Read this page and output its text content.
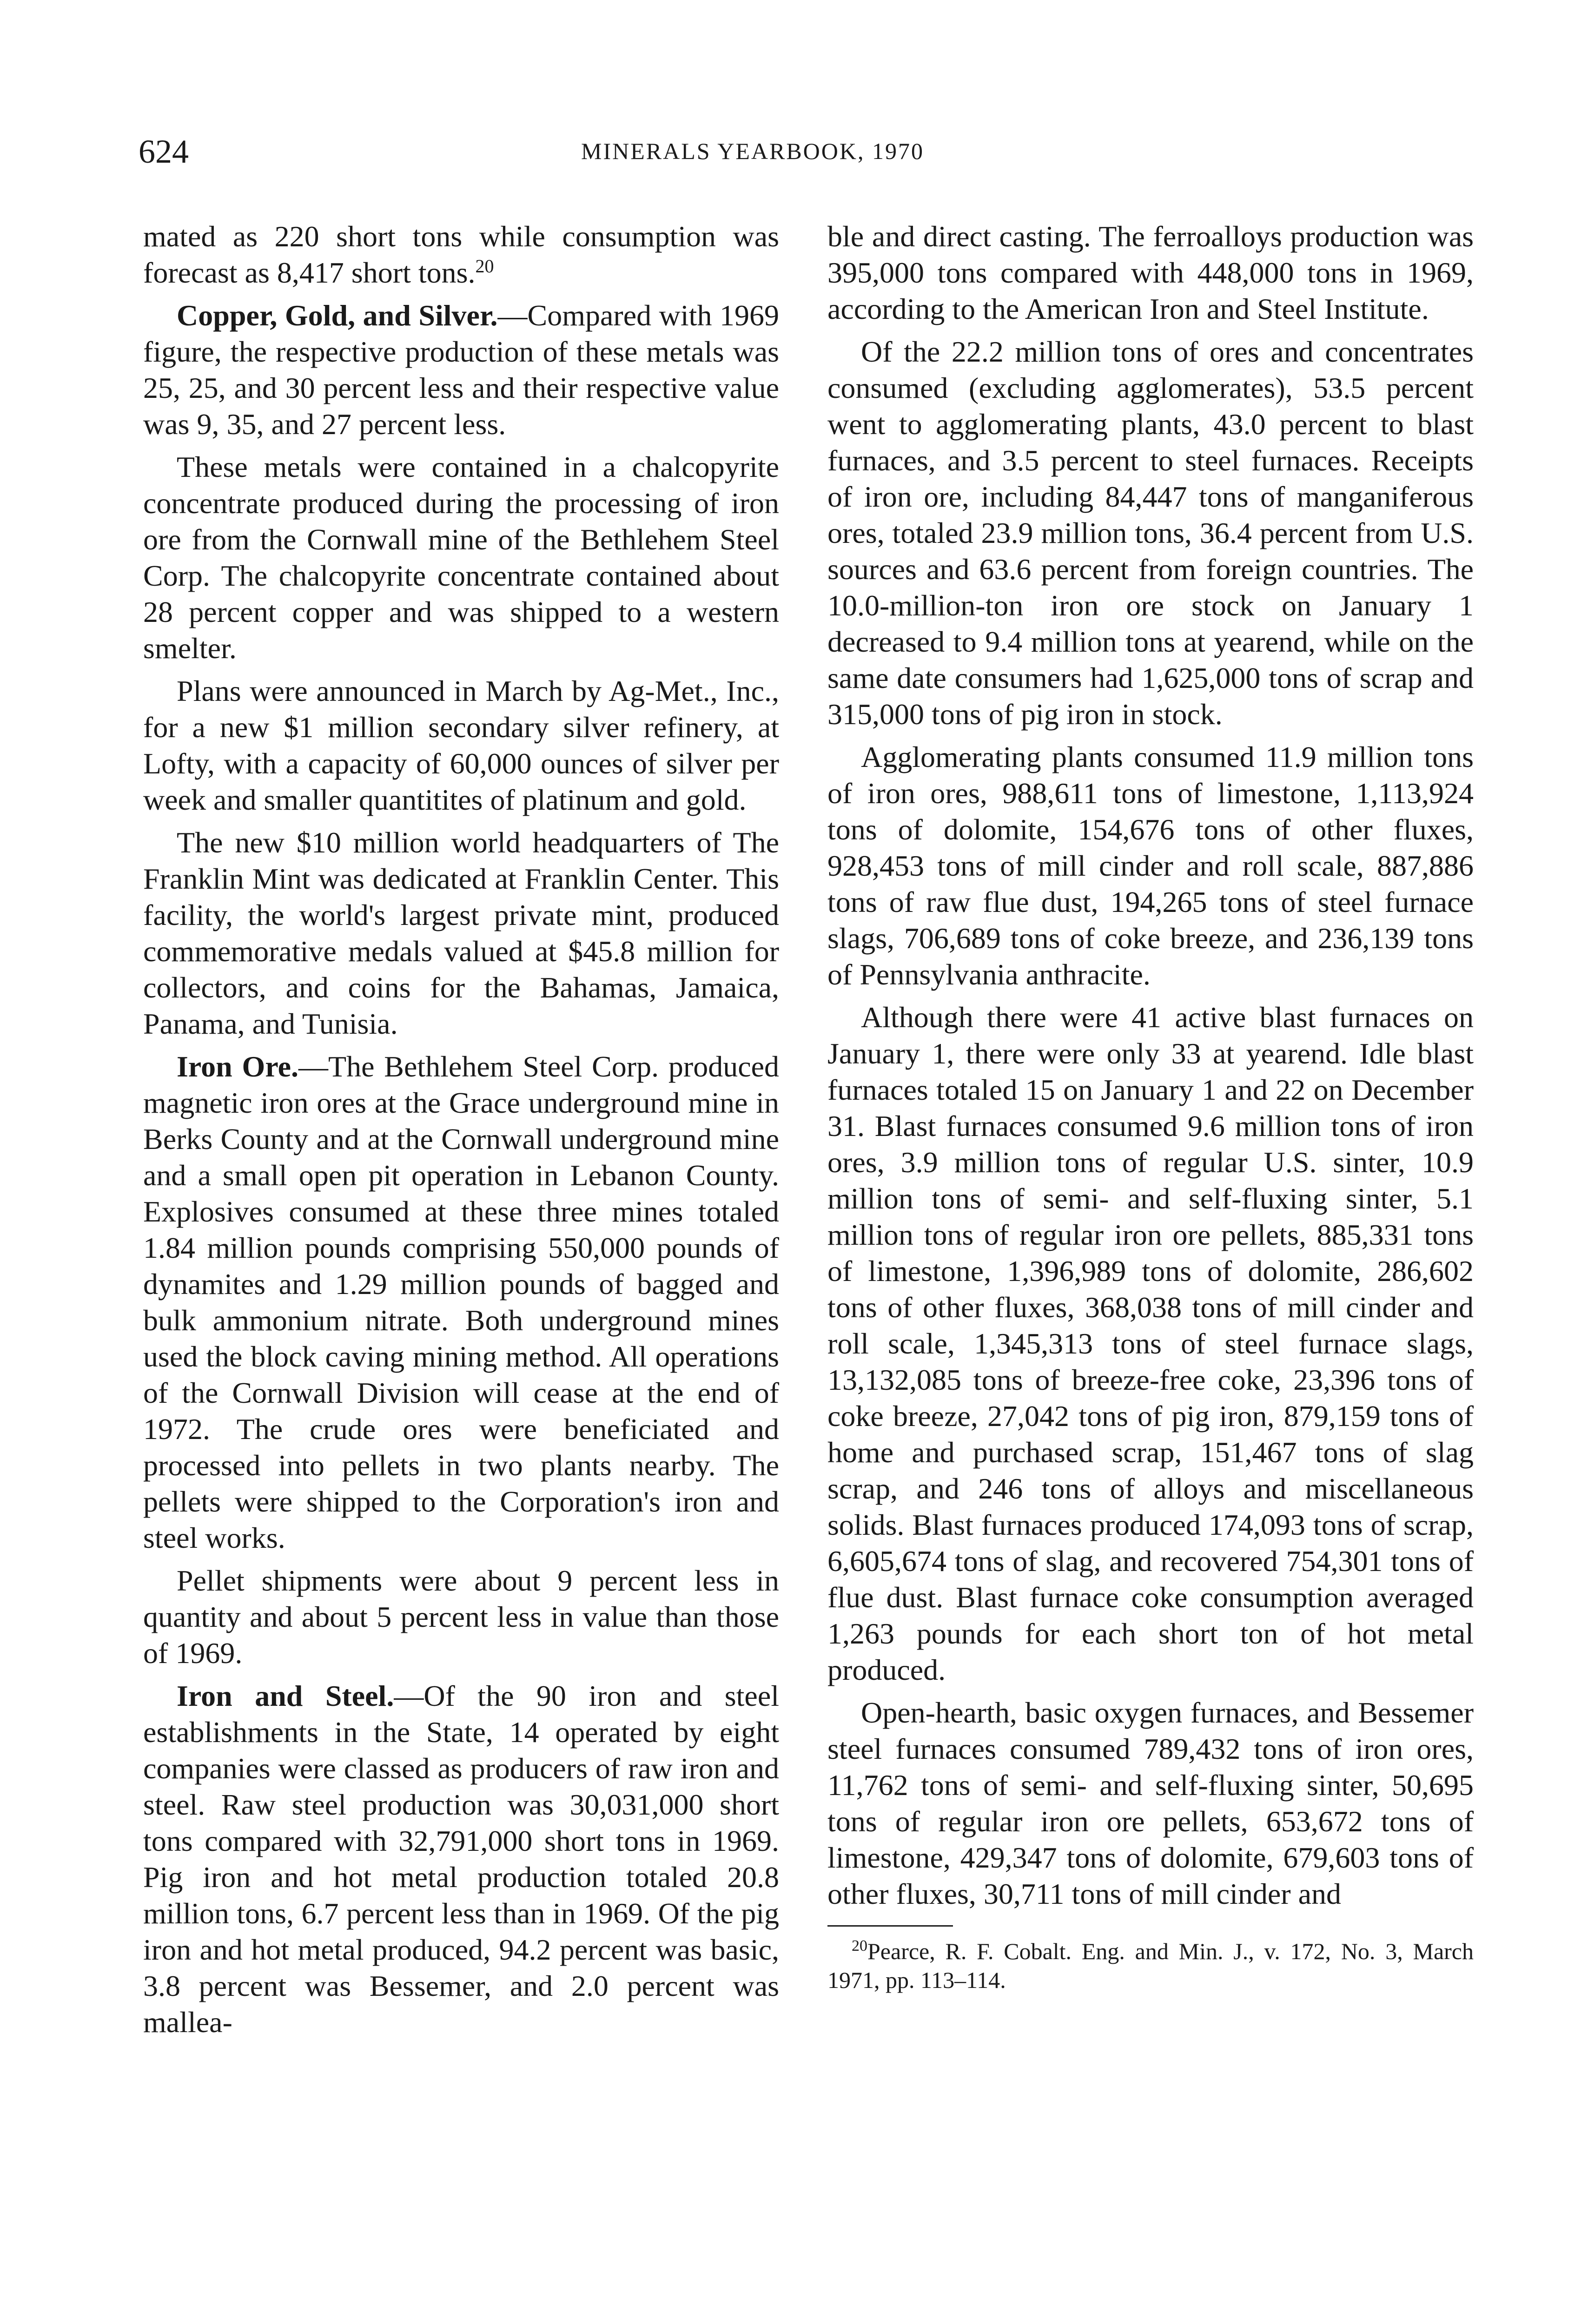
624	MINERALS YEARBOOK, 1970

mated as 220 short tons while consumption was forecast as 8,417 short tons.$^{20}$

Copper, Gold, and Silver.—Compared with 1969 figure, the respective production of these metals was 25, 25, and 30 percent less and their respective value was 9, 35, and 27 percent less.

These metals were contained in a chalcopyrite concentrate produced during the processing of iron ore from the Cornwall mine of the Bethlehem Steel Corp. The chalcopyrite concentrate contained about 28 percent copper and was shipped to a western smelter.

Plans were announced in March by Ag-Met., Inc., for a new $1 million secondary silver refinery, at Lofty, with a capacity of 60,000 ounces of silver per week and smaller quantitites of platinum and gold.

The new $10 million world headquarters of The Franklin Mint was dedicated at Franklin Center. This facility, the world's largest private mint, produced commemorative medals valued at $45.8 million for collectors, and coins for the Bahamas, Jamaica, Panama, and Tunisia.

Iron Ore.—The Bethlehem Steel Corp. produced magnetic iron ores at the Grace underground mine in Berks County and at the Cornwall underground mine and a small open pit operation in Lebanon County. Explosives consumed at these three mines totaled 1.84 million pounds comprising 550,000 pounds of dynamites and 1.29 million pounds of bagged and bulk ammonium nitrate. Both underground mines used the block caving mining method. All operations of the Cornwall Division will cease at the end of 1972. The crude ores were beneficiated and processed into pellets in two plants nearby. The pellets were shipped to the Corporation's iron and steel works.

Pellet shipments were about 9 percent less in quantity and about 5 percent less in value than those of 1969.

Iron and Steel.—Of the 90 iron and steel establishments in the State, 14 operated by eight companies were classed as producers of raw iron and steel. Raw steel production was 30,031,000 short tons compared with 32,791,000 short tons in 1969. Pig iron and hot metal production totaled 20.8 million tons, 6.7 percent less than in 1969. Of the pig iron and hot metal produced, 94.2 percent was basic, 3.8 percent was Bessemer, and 2.0 percent was mallea-

ble and direct casting. The ferroalloys production was 395,000 tons compared with 448,000 tons in 1969, according to the American Iron and Steel Institute.

Of the 22.2 million tons of ores and concentrates consumed (excluding agglomerates), 53.5 percent went to agglomerating plants, 43.0 percent to blast furnaces, and 3.5 percent to steel furnaces. Receipts of iron ore, including 84,447 tons of manganiferous ores, totaled 23.9 million tons, 36.4 percent from U.S. sources and 63.6 percent from foreign countries. The 10.0-million-ton iron ore stock on January 1 decreased to 9.4 million tons at yearend, while on the same date consumers had 1,625,000 tons of scrap and 315,000 tons of pig iron in stock.

Agglomerating plants consumed 11.9 million tons of iron ores, 988,611 tons of limestone, 1,113,924 tons of dolomite, 154,676 tons of other fluxes, 928,453 tons of mill cinder and roll scale, 887,886 tons of raw flue dust, 194,265 tons of steel furnace slags, 706,689 tons of coke breeze, and 236,139 tons of Pennsylvania anthracite.

Although there were 41 active blast furnaces on January 1, there were only 33 at yearend. Idle blast furnaces totaled 15 on January 1 and 22 on December 31. Blast furnaces consumed 9.6 million tons of iron ores, 3.9 million tons of regular U.S. sinter, 10.9 million tons of semi- and self-fluxing sinter, 5.1 million tons of regular iron ore pellets, 885,331 tons of limestone, 1,396,989 tons of dolomite, 286,602 tons of other fluxes, 368,038 tons of mill cinder and roll scale, 1,345,313 tons of steel furnace slags, 13,132,085 tons of breeze-free coke, 23,396 tons of coke breeze, 27,042 tons of pig iron, 879,159 tons of home and purchased scrap, 151,467 tons of slag scrap, and 246 tons of alloys and miscellaneous solids. Blast furnaces produced 174,093 tons of scrap, 6,605,674 tons of slag, and recovered 754,301 tons of flue dust. Blast furnace coke consumption averaged 1,263 pounds for each short ton of hot metal produced.

Open-hearth, basic oxygen furnaces, and Bessemer steel furnaces consumed 789,432 tons of iron ores, 11,762 tons of semi- and self-fluxing sinter, 50,695 tons of regular iron ore pellets, 653,672 tons of limestone, 429,347 tons of dolomite, 679,603 tons of other fluxes, 30,711 tons of mill cinder and

$^{20}$Pearce, R. F. Cobalt. Eng. and Min. J., v. 172, No. 3, March 1971, pp. 113–114.
